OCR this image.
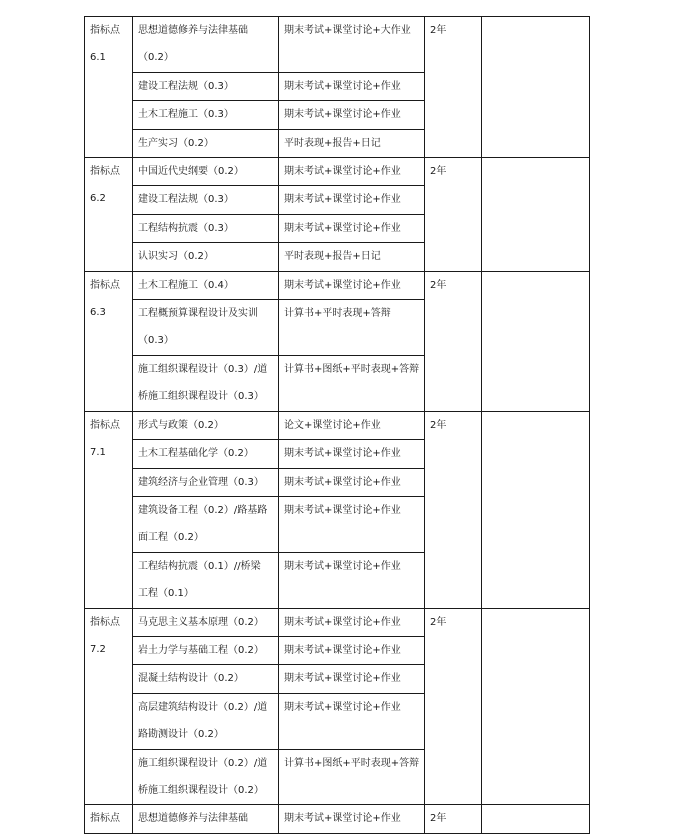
指标点
6.1	思想道德修养与法律基础
（0.2）	期末考试+课堂讨论+大作业	2年	

	建设工程法规（0.3）	期末考试+课堂讨论+作业		

	土木工程施工（0.3）	期末考试+课堂讨论+作业		

	生产实习（0.2）	平时表现+报告+日记		

指标点
6.2	中国近代史纲要（0.2）	期末考试+课堂讨论+作业	2年	

	建设工程法规（0.3）	期末考试+课堂讨论+作业		

	工程结构抗震（0.3）	期末考试+课堂讨论+作业		

	认识实习（0.2）	平时表现+报告+日记		

指标点
6.3	土木工程施工（0.4）	期末考试+课堂讨论+作业	2年	

	工程概预算课程设计及实训
（0.3）	计算书+平时表现+答辩		

	施工组织课程设计（0.3）/道
桥施工组织课程设计（0.3）	计算书+图纸+平时表现+答辩		

指标点
7.1	形式与政策（0.2）	论文+课堂讨论+作业	2年	

	土木工程基础化学（0.2）	期末考试+课堂讨论+作业		

	建筑经济与企业管理（0.3）	期末考试+课堂讨论+作业		

	建筑设备工程（0.2）/路基路
面工程（0.2）	期末考试+课堂讨论+作业		

	工程结构抗震（0.1）//桥梁
工程（0.1）	期末考试+课堂讨论+作业		

指标点
7.2	马克思主义基本原理（0.2）	期末考试+课堂讨论+作业	2年	

	岩土力学与基础工程（0.2）	期末考试+课堂讨论+作业		

	混凝土结构设计（0.2）	期末考试+课堂讨论+作业		

	高层建筑结构设计（0.2）/道
路勘测设计（0.2）	期末考试+课堂讨论+作业		

	施工组织课程设计（0.2）/道
桥施工组织课程设计（0.2）	计算书+图纸+平时表现+答辩		

指标点	思想道德修养与法律基础	期末考试+课堂讨论+作业	2年	
